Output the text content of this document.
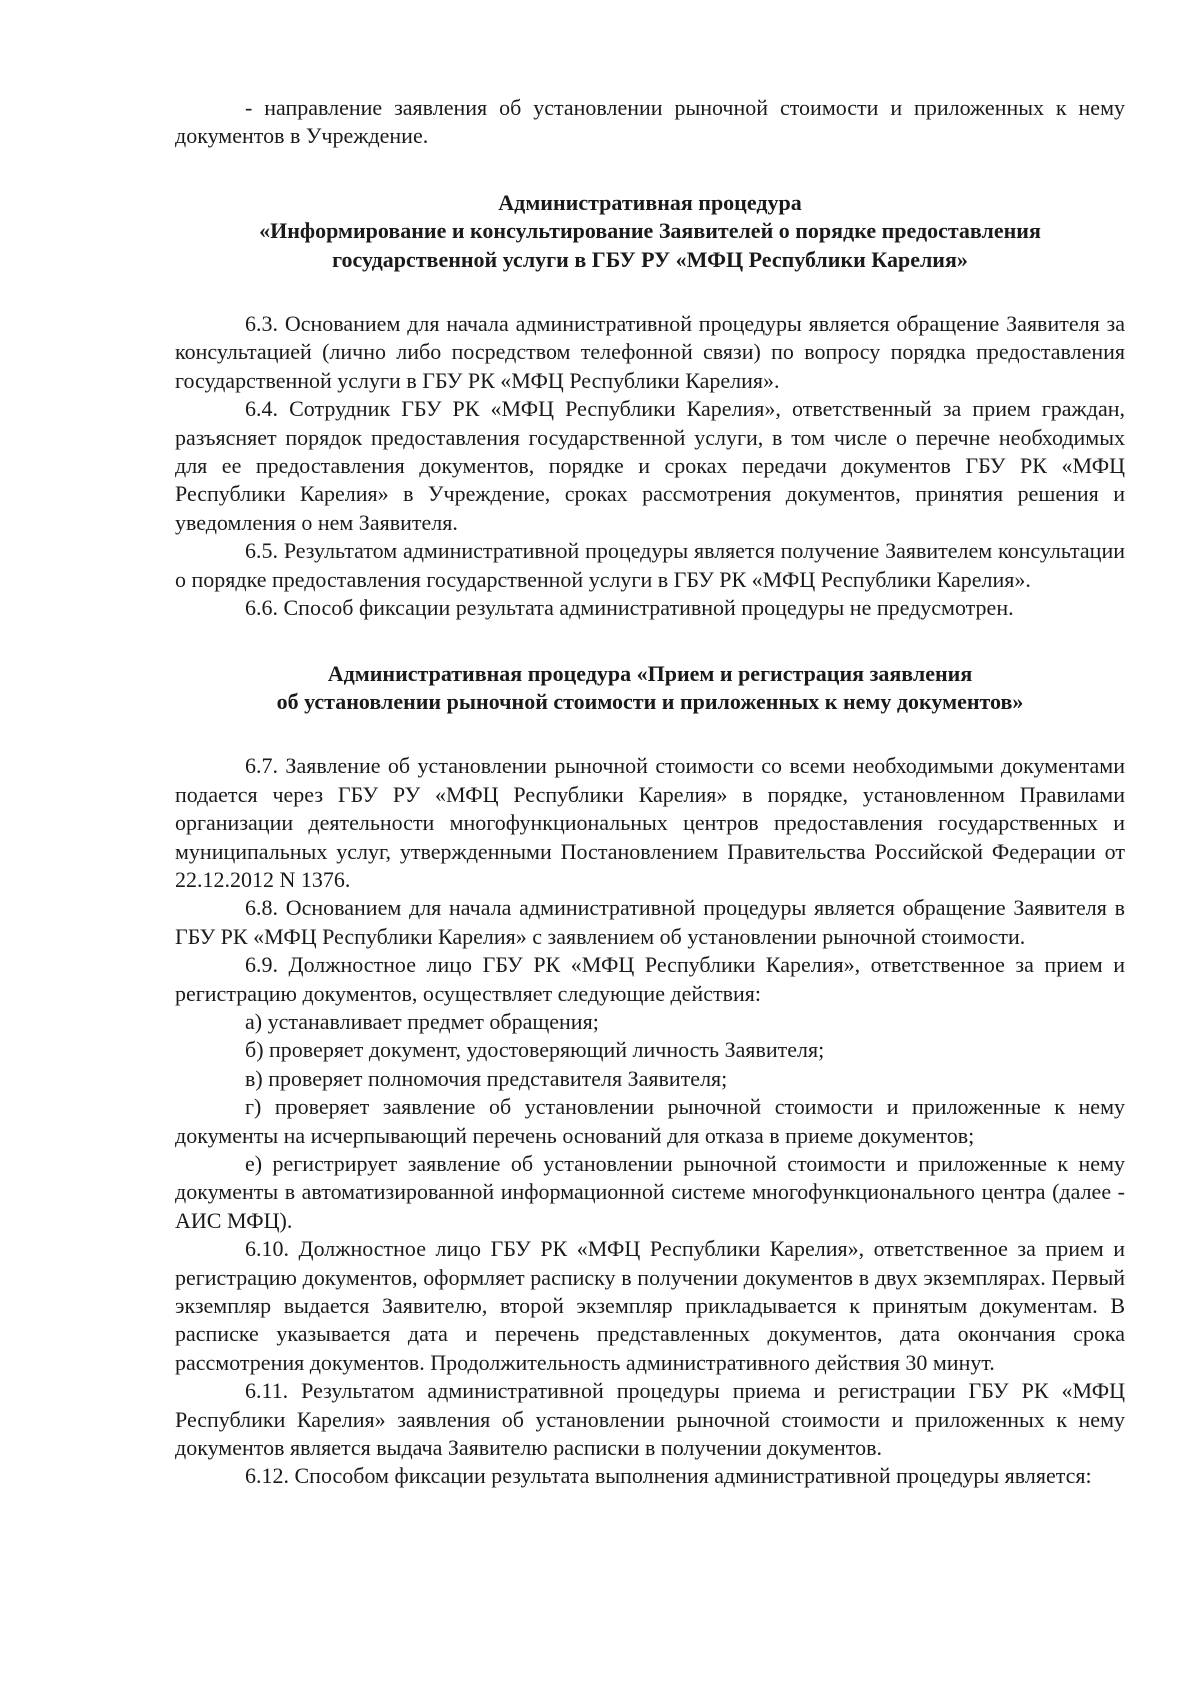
- направление заявления об установлении рыночной стоимости и приложенных к нему документов в Учреждение.

Административная процедура
«Информирование и консультирование Заявителей о порядке предоставления
государственной услуги в ГБУ РУ «МФЦ Республики Карелия»

6.3. Основанием для начала административной процедуры является обращение Заявителя за консультацией (лично либо посредством телефонной связи) по вопросу порядка предоставления государственной услуги в ГБУ РК «МФЦ Республики Карелия».

6.4. Сотрудник ГБУ РК «МФЦ Республики Карелия», ответственный за прием граждан, разъясняет порядок предоставления государственной услуги, в том числе о перечне необходимых для ее предоставления документов, порядке и сроках передачи документов ГБУ РК «МФЦ Республики Карелия» в Учреждение, сроках рассмотрения документов, принятия решения и уведомления о нем Заявителя.

6.5. Результатом административной процедуры является получение Заявителем консультации о порядке предоставления государственной услуги в ГБУ РК «МФЦ Республики Карелия».

6.6. Способ фиксации результата административной процедуры не предусмотрен.

Административная процедура «Прием и регистрация заявления
об установлении рыночной стоимости и приложенных к нему документов»

6.7. Заявление об установлении рыночной стоимости со всеми необходимыми документами подается через ГБУ РУ «МФЦ Республики Карелия» в порядке, установленном Правилами организации деятельности многофункциональных центров предоставления государственных и муниципальных услуг, утвержденными Постановлением Правительства Российской Федерации от 22.12.2012 N 1376.

6.8. Основанием для начала административной процедуры является обращение Заявителя в ГБУ РК «МФЦ Республики Карелия» с заявлением об установлении рыночной стоимости.

6.9. Должностное лицо ГБУ РК «МФЦ Республики Карелия», ответственное за прием и регистрацию документов, осуществляет следующие действия:

а) устанавливает предмет обращения;

б) проверяет документ, удостоверяющий личность Заявителя;

в) проверяет полномочия представителя Заявителя;

г) проверяет заявление об установлении рыночной стоимости и приложенные к нему документы на исчерпывающий перечень оснований для отказа в приеме документов;

е) регистрирует заявление об установлении рыночной стоимости и приложенные к нему документы в автоматизированной информационной системе многофункционального центра (далее - АИС МФЦ).

6.10. Должностное лицо ГБУ РК «МФЦ Республики Карелия», ответственное за прием и регистрацию документов, оформляет расписку в получении документов в двух экземплярах. Первый экземпляр выдается Заявителю, второй экземпляр прикладывается к принятым документам. В расписке указывается дата и перечень представленных документов, дата окончания срока рассмотрения документов. Продолжительность административного действия 30 минут.

6.11. Результатом административной процедуры приема и регистрации ГБУ РК «МФЦ Республики Карелия» заявления об установлении рыночной стоимости и приложенных к нему документов является выдача Заявителю расписки в получении документов.

6.12. Способом фиксации результата выполнения административной процедуры является:
